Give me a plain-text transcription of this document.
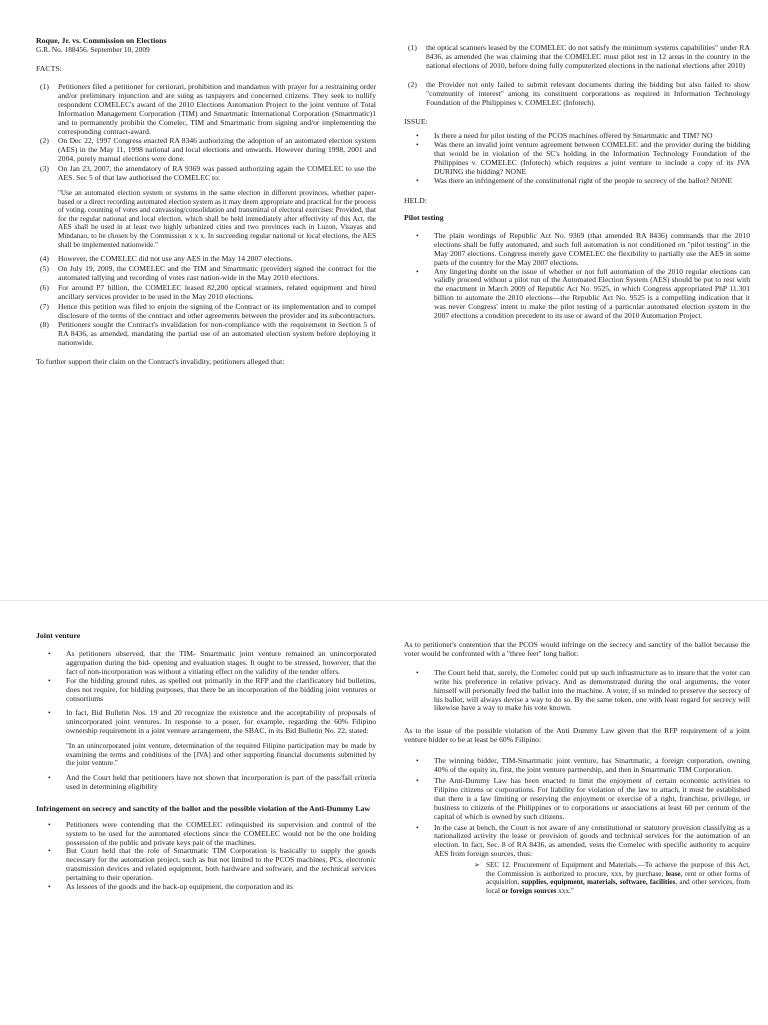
Roque, Jr. vs. Commission on Elections

G.R. No. 188456. September 10, 2009

FACTS:

(1)	Petitioners filed a petitioner for certiorari, prohibition and mandamus with prayer for a restraining order and/or preliminary injunction and are suing as taxpayers and concerned citizens. They seek to nullify respondent COMELEC's award of the 2010 Elections Automation Project to the joint venture of Total Information Management Corporation (TIM) and Smartmatic International Corporation (Smartmatic)1 and to permanently prohibit the Comelec, TIM and Smartmatic from signing and/or implementing the corresponding contract-award.
(2)	On Dec 22, 1997 Congress enacted RA 8346 authorizing the adoption of an automated election system (AES) in the May 11, 1998 national and local elections and onwards. However during 1998, 2001 and 2004, purely manual elections were done.
(3)	On Jan 23, 2007, the amendatory of RA 9369 was passed authorizing again the COMELEC to use the AES. Sec 5 of that law authorised the COMELEC to:

"Use an automated election system or systems in the same election in different provinces, whether paper-based or a direct recording automated election system as it may deem appropriate and practical for the process of voting, counting of votes and canvassing/consolidation and transmittal of electoral exercises: Provided, that for the regular national and local election, which shall be held immediately after effectivity of this Act, the AES shall be used in at least two highly urbanized cities and two provinces each in Luzon, Visayas and Mindanao, to be chosen by the Commission x x x. In succeeding regular national or local elections, the AES shall be implemented nationwide."

(4)	However, the COMELEC did not use any AES in the May 14 2007 elections.
(5)	On July 19, 2009, the COMELEC and the TIM and Smartmatic (provider) signed the contract for the automated tallying and recording of votes cast nation-wide in the May 2010 elections.
(6)	For around P7 billion, the COMELEC leased 82,200 optical scanners, related equipment and hired ancillary services provider to be used in the May 2010 elections.
(7)	Hence this petition was filed to enjoin the signing of the Contract or its implementation and to compel disclosure of the terms of the contract and other agreements between the provider and its subcontractors.
(8)	Petitioners sought the Contract's invalidation for non-compliance with the requirement in Section 5 of RA 8436, as amended, mandating the partial use of an automated election system before deploying it nationwide.

To further support their claim on the Contract's invalidity, petitioners alleged that:

(1)	the optical scanners leased by the COMELEC do not satisfy the minimum systems capabilities" under RA 8436, as amended (he was claiming that the COMELEC must pilot test in 12 areas in the country in the national elections of 2010, before doing fully computerized elections in the national elections after 2010)
(2)	the Provider not only failed to submit relevant documents during the bidding but also failed to show "community of interest" among its constituent corporations as required in Information Technology Foundation of the Philippines v. COMELEC (Infotech).

ISSUE:

•	Is there a need for pilot testing of the PCOS machines offered by Smartmatic and TIM? NO
•	Was there an invalid joint venture agreement between COMELEC and the provider during the bidding that would be in violation of the SC's holding in the Information Technology Foundation of the Philippines v. COMELEC (Infotech) which requires a joint venture to include a copy of its JVA DURING the bidding? NONE
•	Was there an infringement of the constitutional right of the people to secrecy of the ballot? NONE

HELD:

Pilot testing

•	The plain wordings of Republic Act No. 9369 (that amended RA 8436) commands that the 2010 elections shall be fully automated, and such full automation is not conditioned on "pilot testing" in the May 2007 elections. Congress merely gave COMELEC the flexibility to partially use the AES in some parts of the country for the May 2007 elections.
•	Any lingering doubt on the issue of whether or not full automation of the 2010 regular elections can validly proceed without a pilot run of the Automated Election System (AES) should be put to rest with the enactment in March 2009 of Republic Act No. 9525, in which Congress appropriated PhP 11.301 billion to automate the 2010 elections—the Republic Act No. 9525 is a compelling indication that it was never Congress' intent to make the pilot testing of a particular automated election system in the 2007 elections a condition precedent to its use or award of the 2010 Automation Project.

Joint venture

•	As petitioners observed, that the TIM- Smartmatic joint venture remained an unincorporated aggrupation during the bid- opening and evaluation stages. It ought to be stressed, however, that the fact of non-incorporation was without a vitiating effect on the validity of the tender offers.
•	For the bidding ground rules, as spelled out primarily in the RFP and the clarificatory bid bulletins, does not require, for bidding purposes, that there be an incorporation of the bidding joint ventures or consortiums
•	In fact, Bid Bulletin Nos. 19 and 20 recognize the existence and the acceptability of proposals of unincorporated joint ventures. In response to a poser, for example, regarding the 60% Filipino ownership requirement in a joint venture arrangement, the SBAC, in its Bid Bulletin No. 22, stated:

"In an unincorporated joint venture, determination of the required Filipino participation may be made by examining the terms and conditions of the [JVA] and other supporting financial documents submitted by the joint venture."

•	And the Court held that petitioners have not shown that incorporation is part of the pass/fail criteria used in determining eligibility

Infringement on secrecy and sanctity of the ballot and the possible violation of the Anti-Dummy Law

•	Petitioners were contending that the COMELEC relinquished its supervision and control of the system to be used for the automated elections since the COMELEC would not be the one holding possession of the public and private keys pair of the machines.
•	But Court held that the role of Smartmatic TIM Corporation is basically to supply the goods necessary for the automation project, such as but not limited to the PCOS machines, PCs, electronic transmission devices and related equipment, both hardware and software, and the technical services pertaining to their operation.
•	As lessees of the goods and the back-up equipment, the corporation and its

As to petitioner's contention that the PCOS would infringe on the secrecy and sanctity of the ballot because the voter would be confronted with a "three feet" long ballot:

•	The Court held that, surely, the Comelec could put up such infrastructure as to insure that the voter can write his preference in relative privacy. And as demonstrated during the oral arguments, the voter himself will personally feed the ballot into the machine. A voter, if so minded to preserve the secrecy of his ballot, will always devise a way to do so. By the same token, one with least regard for secrecy will likewise have a way to make his vote known.

As to the issue of the possible violation of the Anti Dummy Law given that the RFP requirement of a joint venture bidder to be at least be 60% Filipino:

•	The winning bidder, TIM-Smartmatic joint venture, has Smartmatic, a foreign corporation, owning 40% of the equity in, first, the joint venture partnership, and then in Smartmatic TIM Corporation.
•	The Anti-Dummy Law has been enacted to limit the enjoyment of certain economic activities to Filipino citizens or corporations. For liability for violation of the law to attach, it must be established that there is a law limiting or reserving the enjoyment or exercise of a right, franchise, privilege, or business to citizens of the Philippines or to corporations or associations at least 60 per centum of the capital of which is owned by such citizens.
•	In the case at bench, the Court is not aware of any constitutional or statutory provision classifying as a nationalized activity the lease or provision of goods and technical services for the automation of an election. In fact, Sec. 8 of RA 8436, as amended, vests the Comelec with specific authority to acquire AES from foreign sources, thus:
➢ SEC 12. Procurement of Equipment and Materials.—To achieve the purpose of this Act, the Commission is authorized to procure, xxx, by purchase, lease, rent or other forms of acquisition, supplies, equipment, materials, software, facilities, and other services, from local or foreign sources xxx."
